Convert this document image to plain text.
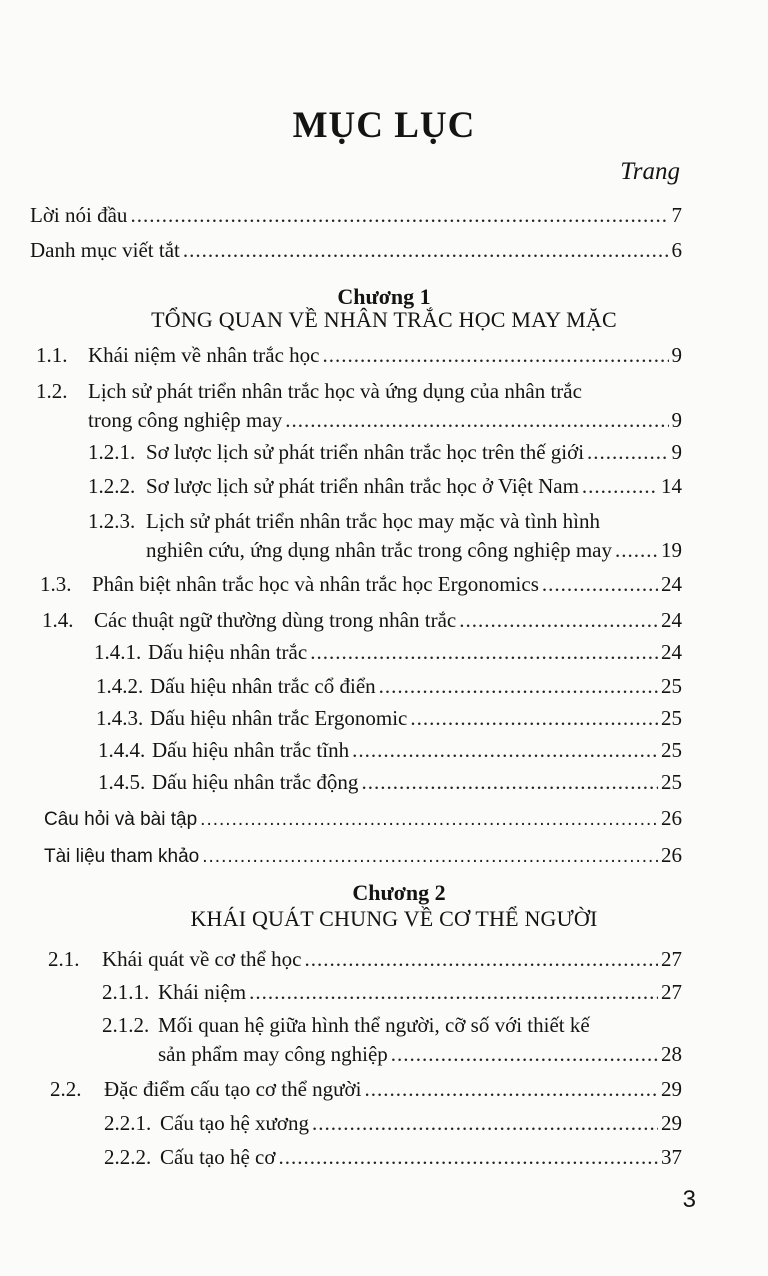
MỤC LỤC
Trang
Lời nói đầu .....	7
Danh mục viết tắt .....	6
Chương 1
TỔNG QUAN VỀ NHÂN TRẮC HỌC MAY MẶC
1.1. Khái niệm về nhân trắc học .....	9
1.2. Lịch sử phát triển nhân trắc học và ứng dụng của nhân trắc
trong công nghiệp may .....	9
1.2.1. Sơ lược lịch sử phát triển nhân trắc học trên thế giới .....	9
1.2.2. Sơ lược lịch sử phát triển nhân trắc học ở Việt Nam .....	14
1.2.3. Lịch sử phát triển nhân trắc học may mặc và tình hình
nghiên cứu, ứng dụng nhân trắc trong công nghiệp may ..... 19
1.3. Phân biệt nhân trắc học và nhân trắc học Ergonomics .....	24
1.4. Các thuật ngữ thường dùng trong nhân trắc .....	24
1.4.1. Dấu hiệu nhân trắc .....	24
1.4.2. Dấu hiệu nhân trắc cổ điển .....	25
1.4.3. Dấu hiệu nhân trắc Ergonomic .....	25
1.4.4. Dấu hiệu nhân trắc tĩnh .....	25
1.4.5. Dấu hiệu nhân trắc động .....	25
Câu hỏi và bài tập .....	26
Tài liệu tham khảo .....	26
Chương 2
KHÁI QUÁT CHUNG VỀ CƠ THỂ NGƯỜI
2.1.	Khái quát về cơ thể học .....	27
2.1.1. Khái niệm .....	27
2.1.2. Mối quan hệ giữa hình thể người, cỡ số với thiết kế
sản phẩm may công nghiệp .....	28
2.2.	Đặc điểm cấu tạo cơ thể người .....	29
2.2.1. Cấu tạo hệ xương .....	29
2.2.2. Cấu tạo hệ cơ .....	37
3
